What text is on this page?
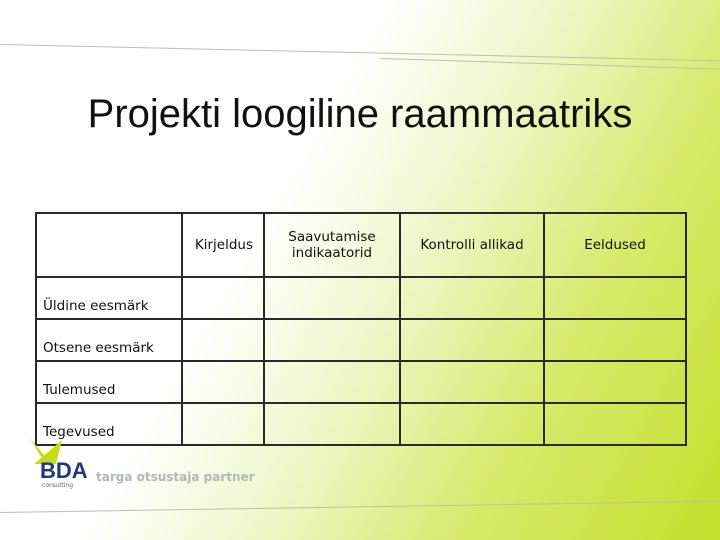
Projekti loogiline raammaatriks
	Kirjeldus	Saavutamise indikaatorid	Kontrolli allikad	Eeldused
Üldine eesmärk				
Otsene eesmärk				
Tulemused				
Tegevused				
BDA
consulting
targa otsustaja partner
